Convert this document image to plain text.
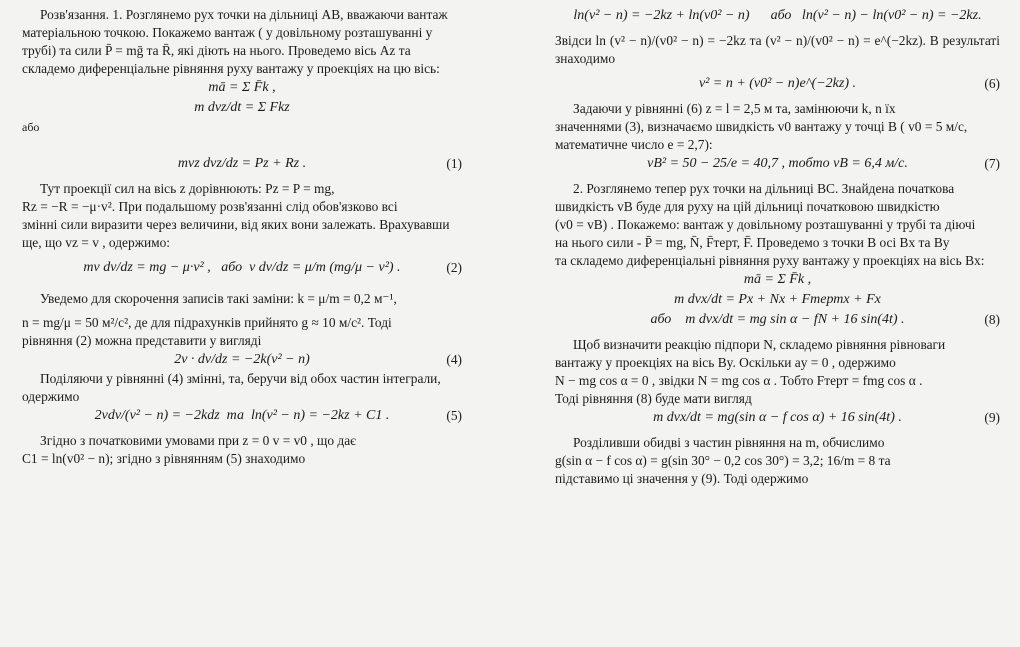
Розв'язання. 1. Розглянемо рух точки на дільниці AB, вважаючи вантаж
матеріальною точкою. Покажемо вантаж ( у довільному розташуванні у
трубі) та сили P̄ = mḡ та R̄, які діють на нього. Проведемо вісь Az та
складемо диференціальне рівняння руху вантажу у проекціях на цю вісь:
mā = Σ F̄k ,
m dvz/dt = Σ Fkz
або
mvz dvz/dz = Pz + Rz .	(1)
Тут проекції сил на вісь z дорівнюють: Pz = P = mg,
Rz = −R = −μ·v². При подальшому розв'язанні слід обов'язково всі
змінні сили виразити через величини, від яких вони залежать. Врахувавши
ще, що vz = v , одержимо:
mv dv/dz = mg − μ·v² ,   або  v dv/dz = μ/m (mg/μ − v²) .	(2)
Уведемо для скорочення записів такі заміни: k = μ/m = 0,2 м⁻¹,
n = mg/μ = 50 м²/с², де для підрахунків прийнято g ≈ 10 м/с². Тоді
рівняння (2) можна представити у вигляді
2v · dv/dz = −2k(v² − n)	(4)
Поділяючи у рівнянні (4) змінні, та, беручи від обох частин інтеграли,
одержимо
2vdv/(v² − n) = −2kdz  та  ln(v² − n) = −2kz + C1 .	(5)
Згідно з початковими умовами при z = 0 v = v0 , що дає
C1 = ln(v0² − n); згідно з рівнянням (5) знаходимо
ln(v² − n) = −2kz + ln(v0² − n)      або   ln(v² − n) − ln(v0² − n) = −2kz.
Звідси ln (v² − n)/(v0² − n) = −2kz та (v² − n)/(v0² − n) = e^(−2kz). В результаті знаходимо
v² = n + (v0² − n)e^(−2kz) .	(6)
Задаючи у рівнянні (6) z = l = 2,5 м та, замінюючи k, n їх
значеннями (3), визначаємо швидкість v0 вантажу у точці B ( v0 = 5 м/с,
математичне число e = 2,7):
vB² = 50 − 25/e = 40,7 , тобто vB = 6,4 м/с.	(7)
2. Розглянемо тепер рух точки на дільниці BC. Знайдена початкова
швидкість vB буде для руху на цій дільниці початковою швидкістю
(v0 = vB) . Покажемо: вантаж у довільному розташуванні у трубі та діючі
на нього сили - P̄ = mg, N̄, F̄терт, F̄. Проведемо з точки B осі Bx та By
та складемо диференціальні рівняння руху вантажу у проекціях на вісь Bx:
mā = Σ F̄k ,
m dvx/dt = Px + Nx + Fтертx + Fx
або    m dvx/dt = mg sin α − fN + 16 sin(4t) .	(8)
Щоб визначити реакцію підпори N, складемо рівняння рівноваги
вантажу у проекціях на вісь By. Оскільки ay = 0 , одержимо
N − mg cos α = 0 , звідки N = mg cos α . Тобто Fтерт = fmg cos α .
Тоді рівняння (8) буде мати вигляд
m dvx/dt = mg(sin α − f cos α) + 16 sin(4t) .	(9)
Розділивши обидві з частин рівняння на m, обчислимо
g(sin α − f cos α) = g(sin 30° − 0,2 cos 30°) = 3,2; 16/m = 8 та
підставимо ці значення у (9). Тоді одержимо
